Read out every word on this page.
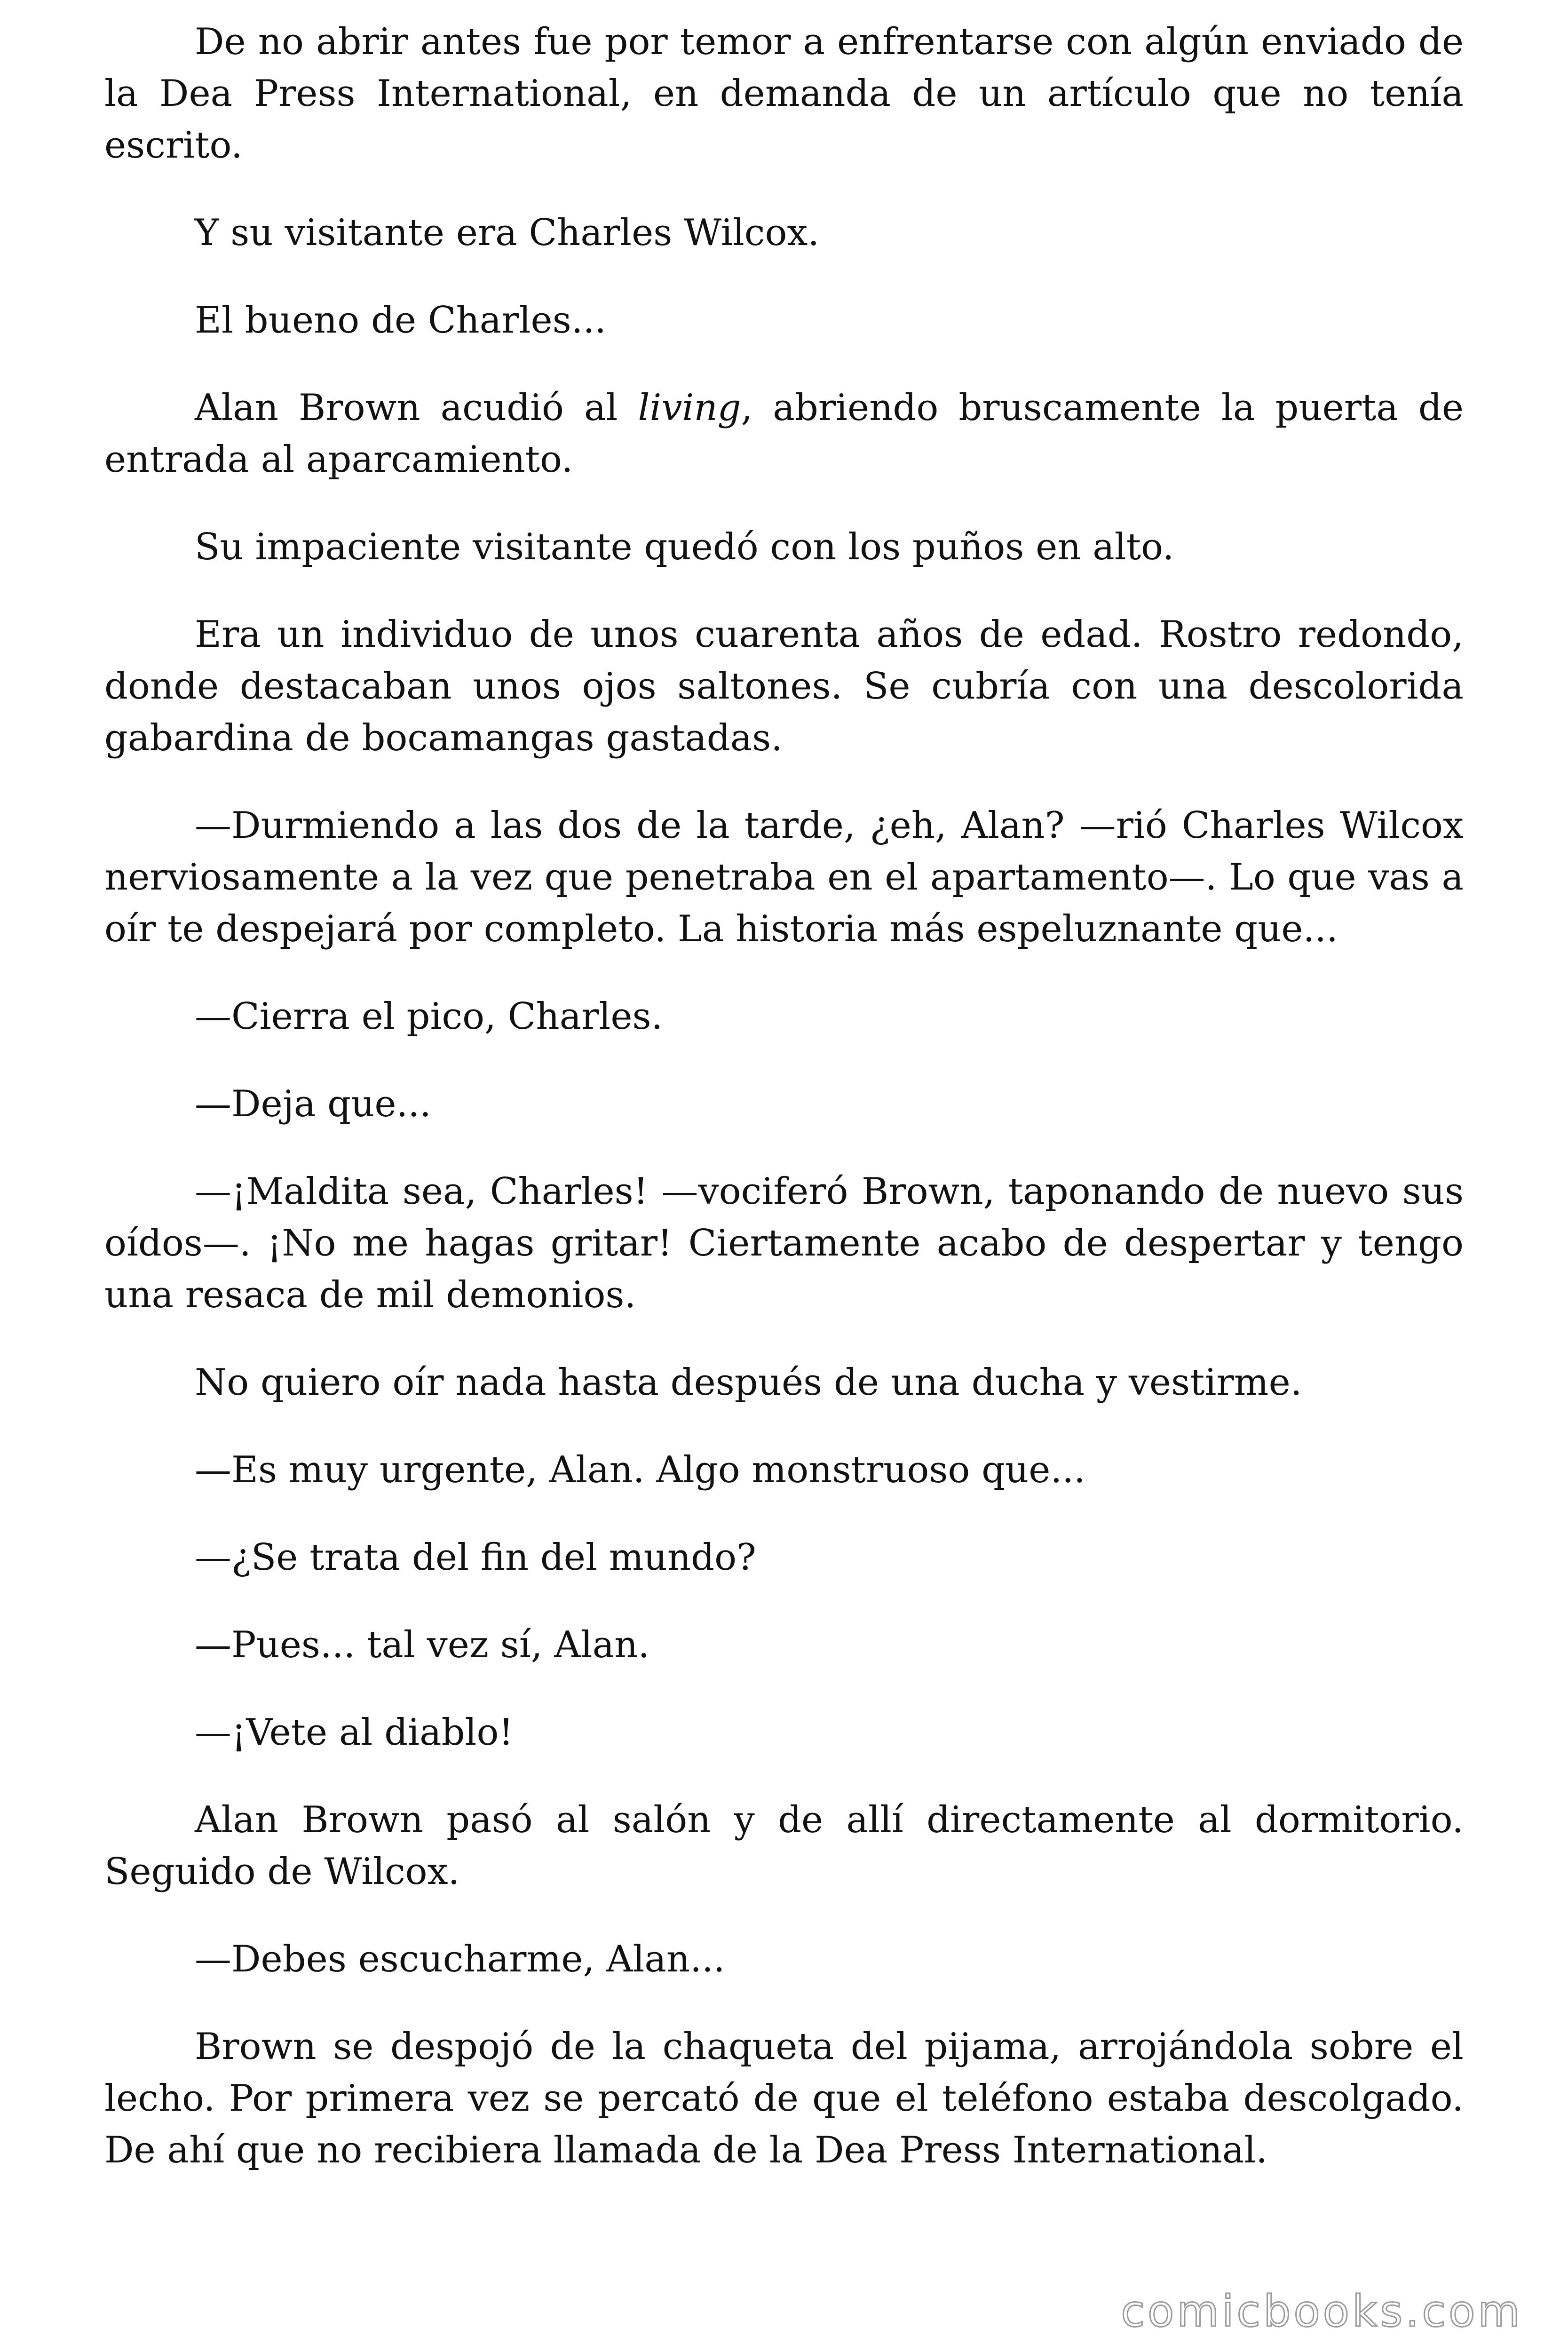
De no abrir antes fue por temor a enfrentarse con algún enviado de la Dea Press International, en demanda de un artículo que no tenía escrito.

Y su visitante era Charles Wilcox.

El bueno de Charles...

Alan Brown acudió al living, abriendo bruscamente la puerta de entrada al aparcamiento.

Su impaciente visitante quedó con los puños en alto.

Era un individuo de unos cuarenta años de edad. Rostro redondo, donde destacaban unos ojos saltones. Se cubría con una descolorida gabardina de bocamangas gastadas.

—Durmiendo a las dos de la tarde, ¿eh, Alan? —rió Charles Wilcox nerviosamente a la vez que penetraba en el apartamento—. Lo que vas a oír te despejará por completo. La historia más espeluznante que...

—Cierra el pico, Charles.

—Deja que...

—¡Maldita sea, Charles! —vociferó Brown, taponando de nuevo sus oídos—. ¡No me hagas gritar! Ciertamente acabo de despertar y tengo una resaca de mil demonios.

No quiero oír nada hasta después de una ducha y vestirme.

—Es muy urgente, Alan. Algo monstruoso que...

—¿Se trata del fin del mundo?

—Pues... tal vez sí, Alan.

—¡Vete al diablo!

Alan Brown pasó al salón y de allí directamente al dormitorio. Seguido de Wilcox.

—Debes escucharme, Alan...

Brown se despojó de la chaqueta del pijama, arrojándola sobre el lecho. Por primera vez se percató de que el teléfono estaba descolgado. De ahí que no recibiera llamada de la Dea Press International.

comicbooks.com
